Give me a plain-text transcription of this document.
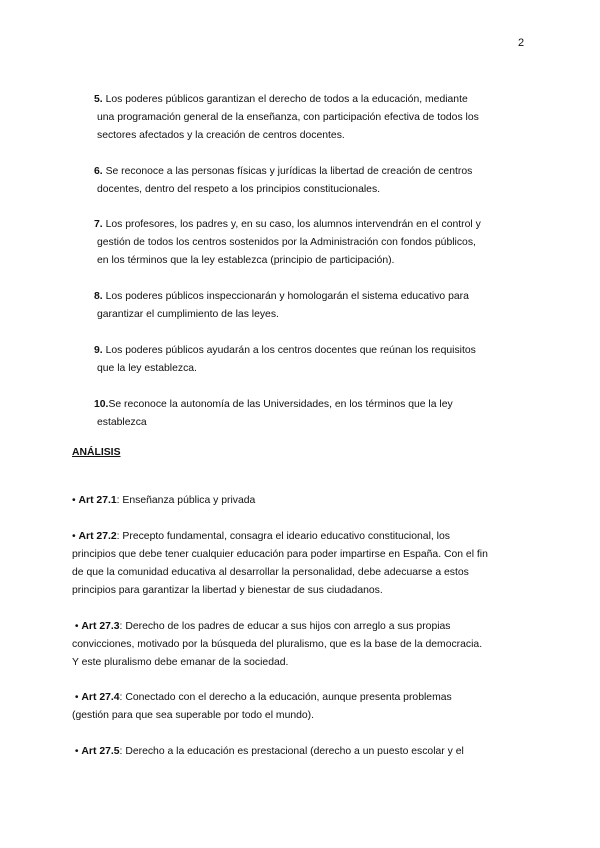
2
5. Los poderes públicos garantizan el derecho de todos a la educación, mediante
una programación general de la enseñanza, con participación efectiva de todos los
sectores afectados y la creación de centros docentes.
6. Se reconoce a las personas físicas y jurídicas la libertad de creación de centros
docentes, dentro del respeto a los principios constitucionales.
7. Los profesores, los padres y, en su caso, los alumnos intervendrán en el control y
gestión de todos los centros sostenidos por la Administración con fondos públicos,
en los términos que la ley establezca (principio de participación).
8. Los poderes públicos inspeccionarán y homologarán el sistema educativo para
garantizar el cumplimiento de las leyes.
9. Los poderes públicos ayudarán a los centros docentes que reúnan los requisitos
que la ley establezca.
10.Se reconoce la autonomía de las Universidades, en los términos que la ley
establezca
ANÁLISIS
• Art 27.1: Enseñanza pública y privada
• Art 27.2: Precepto fundamental, consagra el ideario educativo constitucional, los
principios que debe tener cualquier educación para poder impartirse en España. Con el fin
de que la comunidad educativa al desarrollar la personalidad, debe adecuarse a estos
principios para garantizar la libertad y bienestar de sus ciudadanos.
• Art 27.3: Derecho de los padres de educar a sus hijos con arreglo a sus propias
convicciones, motivado por la búsqueda del pluralismo, que es la base de la democracia.
Y este pluralismo debe emanar de la sociedad.
• Art 27.4: Conectado con el derecho a la educación, aunque presenta problemas
(gestión para que sea superable por todo el mundo).
• Art 27.5: Derecho a la educación es prestacional (derecho a un puesto escolar y el
